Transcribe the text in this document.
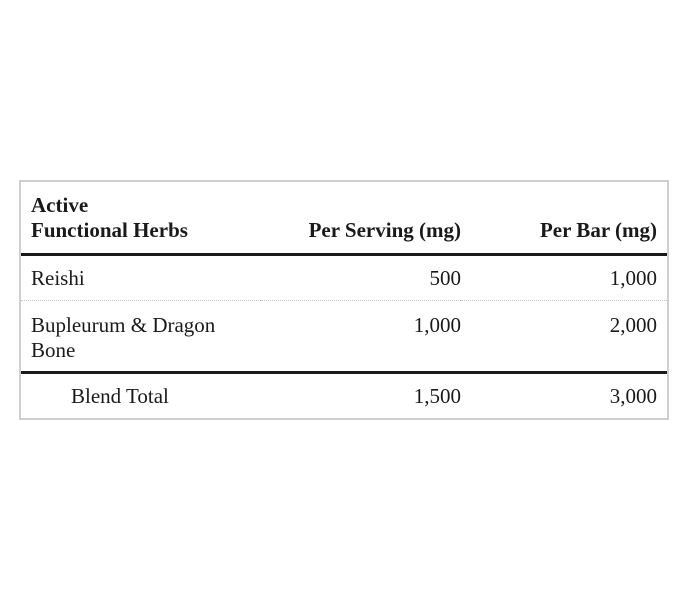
Active
Functional Herbs	Per Serving (mg)	Per Bar (mg)
Reishi	500	1,000
Bupleurum & Dragon Bone	1,000	2,000
Blend Total	1,500	3,000
